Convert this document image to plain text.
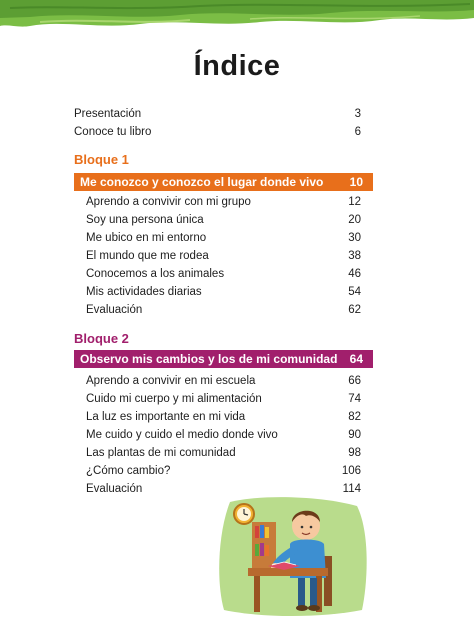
Índice
Presentación	3
Conoce tu libro	6
Bloque 1
Me conozco y conozco el lugar donde vivo 10
Aprendo a convivir con mi grupo	12
Soy una persona única	20
Me ubico en mi entorno	30
El mundo que me rodea	38
Conocemos a los animales	46
Mis actividades diarias	54
Evaluación	62
Bloque 2
Observo mis cambios y los de mi comunidad 64
Aprendo a convivir en mi escuela	66
Cuido mi cuerpo y mi alimentación	74
La luz es importante en mi vida	82
Me cuido y cuido el medio donde vivo	90
Las plantas de mi comunidad	98
¿Cómo cambio?	106
Evaluación	114
